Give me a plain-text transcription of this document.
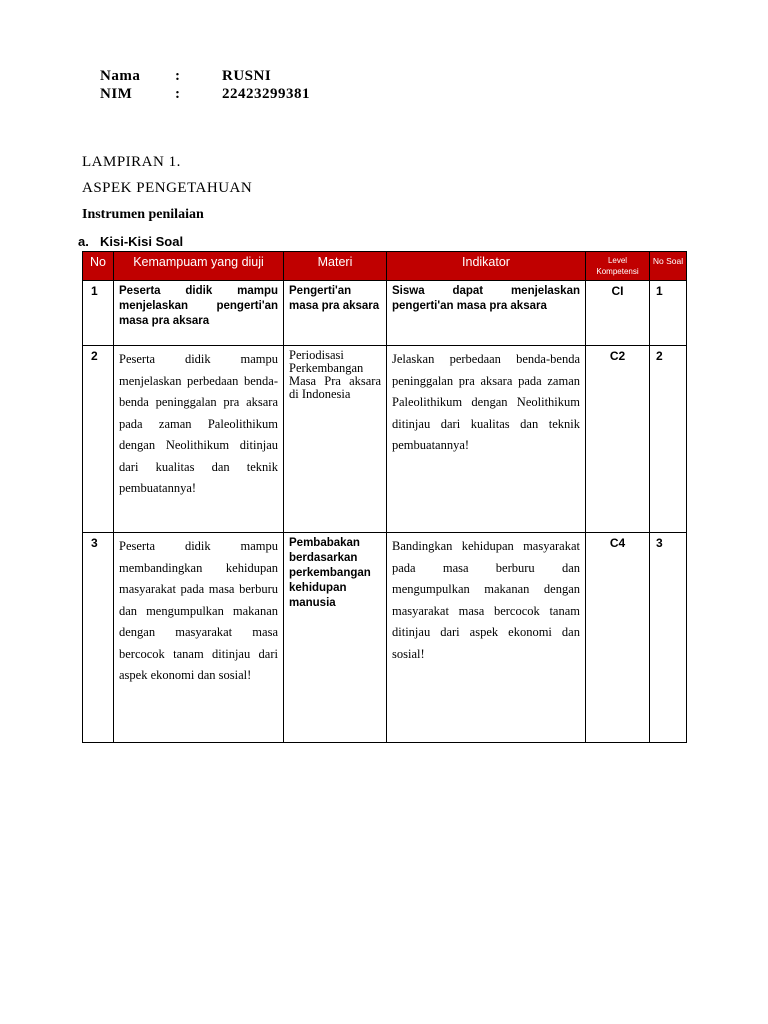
Nama :	RUSNI
NIM	:	22423299381
LAMPIRAN 1.
ASPEK PENGETAHUAN
Instrumen penilaian
a. Kisi-Kisi Soal
No	Kemampuam yang diuji	Materi	Indikator	Level Kompetensi	No Soal

1	Peserta didik mampu menjelaskan pengerti'an masa pra aksara	Pengerti'an masa pra aksara	Siswa dapat menjelaskan pengerti'an masa pra aksara	CI	1
2	Peserta didik mampu menjelaskan perbedaan benda-benda peninggalan pra aksara pada zaman Paleolithikum dengan Neolithikum ditinjau dari kualitas dan teknik pembuatannya!	Periodisasi Perkembangan Masa Pra aksara di Indonesia	Jelaskan perbedaan benda-benda peninggalan pra aksara pada zaman Paleolithikum dengan Neolithikum ditinjau dari kualitas dan teknik pembuatannya!	C2	2
3	Peserta didik mampu membandingkan kehidupan masyarakat pada masa berburu dan mengumpulkan makanan dengan masyarakat masa bercocok tanam ditinjau dari aspek ekonomi dan sosial!	Pembabakan berdasarkan perkembangan kehidupan manusia	Bandingkan kehidupan masyarakat pada masa berburu dan mengumpulkan makanan dengan masyarakat masa bercocok tanam ditinjau dari aspek ekonomi dan sosial!	C4	3
